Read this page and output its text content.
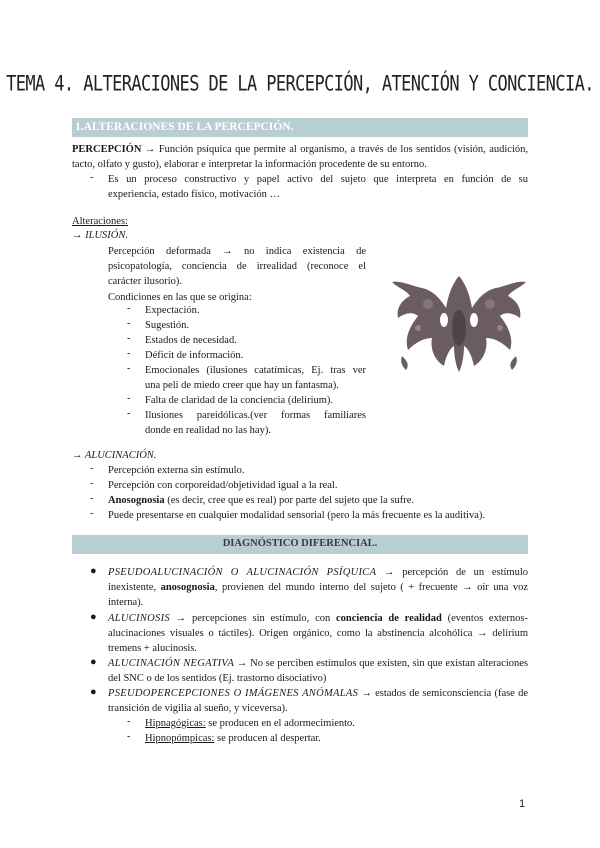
TEMA 4. ALTERACIONES DE LA PERCEPCIÓN, ATENCIÓN Y CONCIENCIA.
1.ALTERACIONES DE LA PERCEPCIÓN.
PERCEPCIÓN → Función psíquica que permite al organismo, a través de los sentidos (visión, audición, tacto, olfato y gusto), elaborar e interpretar la información procedente de su entorno.
- Es un proceso constructivo y papel activo del sujeto que interpreta en función de su
experiencia, estado físico, motivación …
Alteraciones:
→ ILUSIÓN.
Percepción deformada → no indica existencia de
psicopatología, conciencia de irrealidad (reconoce el
carácter ilusorio).
Condiciones en las que se origina:
- Expectación.
- Sugestión.
- Estados de necesidad.
- Déficit de información.
- Emocionales (ilusiones catatímicas, Ej. tras ver
una peli de miedo creer que hay un fantasma).
- Falta de claridad de la conciencia (delirium).
- Ilusiones pareidólicas.(ver formas familiares
donde en realidad no las hay).
→ ALUCINACIÓN.
- Percepción externa sin estímulo.
- Percepción con corporeidad/objetividad igual a la real.
- Anosognosia (es decir, cree que es real) por parte del sujeto que la sufre.
- Puede presentarse en cualquier modalidad sensorial (pero la más frecuente es la auditiva).
DIAGNÓSTICO DIFERENCIAL.
● PSEUDOALUCINACIÓN O ALUCINACIÓN PSÍQUICA → percepción de un estímulo inexistente, anosognosia, provienen del mundo interno del sujeto ( + frecuente → oír una voz interna).
● ALUCINOSIS → percepciones sin estímulo, con conciencia de realidad (eventos externos-alucinaciones visuales o táctiles). Origen orgánico, como la abstinencia alcohólica → delirium tremens + alucinosis.
● ALUCINACIÓN NEGATIVA → No se perciben estímulos que existen, sin que existan alteraciones del SNC o de los sentidos (Ej. trastorno disociativo)
● PSEUDOPERCEPCIONES O IMÁGENES ANÓMALAS → estados de semiconsciencia (fase de transición de vigilia al sueño, y viceversa).
- Hipnagógicas: se producen en el adormecimiento.
- Hipnopómpicas: se producen al despertar.
1
